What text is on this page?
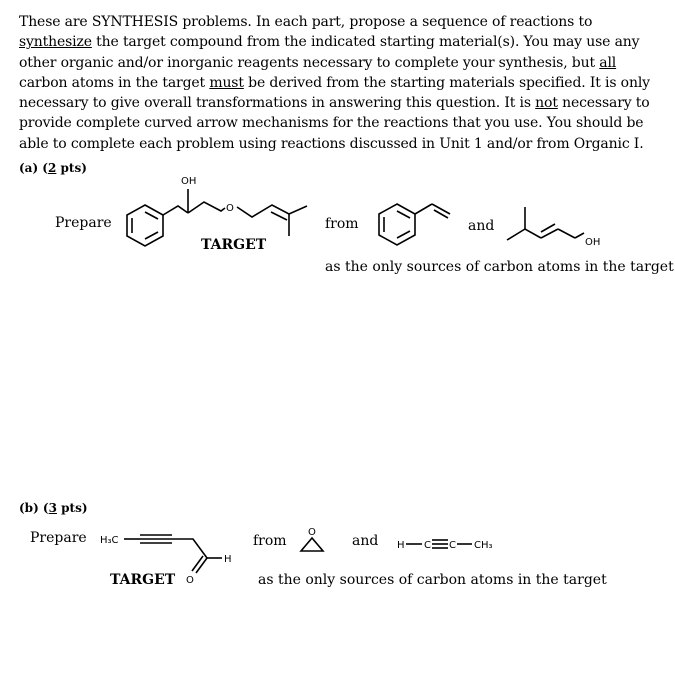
These are SYNTHESIS problems. In each part, propose a sequence of reactions to synthesize the target compound from the indicated starting material(s). You may use any other organic and/or inorganic reagents necessary to complete your synthesis, but all carbon atoms in the target must be derived from the starting materials specified. It is only necessary to give overall transformations in answering this question. It is not necessary to provide complete curved arrow mechanisms for the reactions that you use. You should be able to complete each problem using reactions discussed in Unit 1 and/or from Organic I.

(a) (2 pts)

Prepare
OH
O
TARGET
from	and
OH
as the only sources of carbon atoms in the target

(b) (3 pts)

Prepare H₃C
H
O
TARGET
from
O
and H C C CH₃
as the only sources of carbon atoms in the target
